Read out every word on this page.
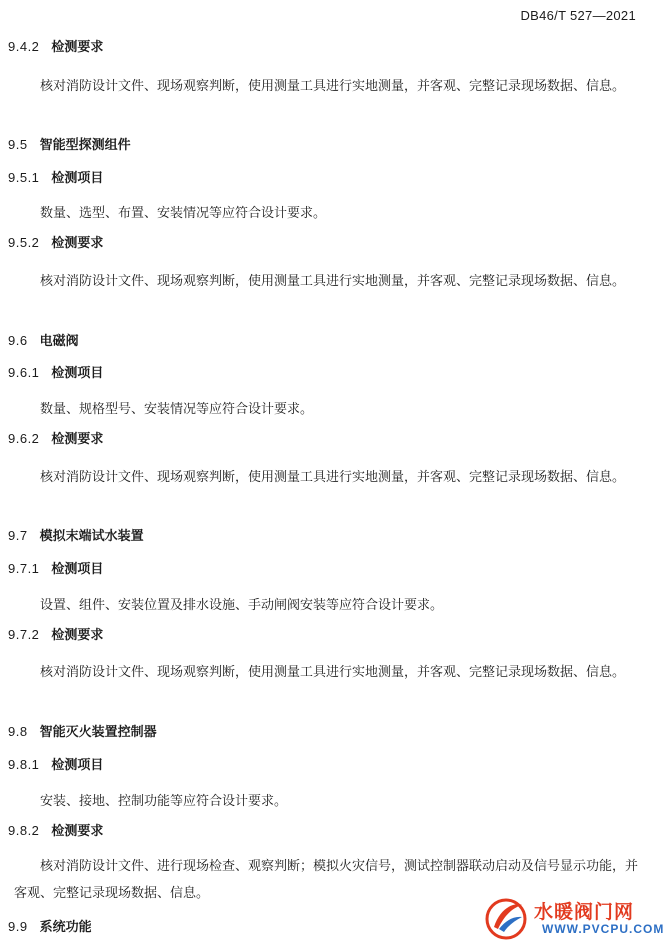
DB46/T 527—2021
9.4.2 检测要求
核对消防设计文件、现场观察判断，使用测量工具进行实地测量，并客观、完整记录现场数据、信息。
9.5 智能型探测组件
9.5.1 检测项目
数量、选型、布置、安装情况等应符合设计要求。
9.5.2 检测要求
核对消防设计文件、现场观察判断，使用测量工具进行实地测量，并客观、完整记录现场数据、信息。
9.6 电磁阀
9.6.1 检测项目
数量、规格型号、安装情况等应符合设计要求。
9.6.2 检测要求
核对消防设计文件、现场观察判断，使用测量工具进行实地测量，并客观、完整记录现场数据、信息。
9.7 模拟末端试水装置
9.7.1 检测项目
设置、组件、安装位置及排水设施、手动闸阀安装等应符合设计要求。
9.7.2 检测要求
核对消防设计文件、现场观察判断，使用测量工具进行实地测量，并客观、完整记录现场数据、信息。
9.8 智能灭火装置控制器
9.8.1 检测项目
安装、接地、控制功能等应符合设计要求。
9.8.2 检测要求
核对消防设计文件、进行现场检查、观察判断；模拟火灾信号，测试控制器联动启动及信号显示功能，并客观、完整记录现场数据、信息。
9.9 系统功能
水暖阀门网
WWW.PVCPU.COM
